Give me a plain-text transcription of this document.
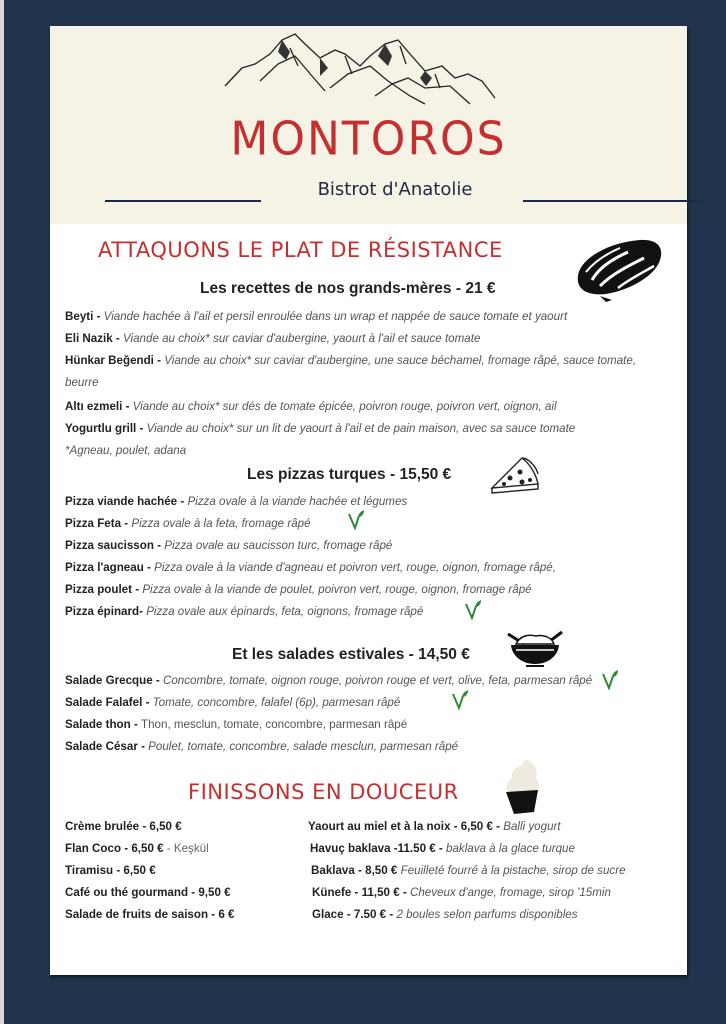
MONTOROS
Bistrot d'Anatolie
ATTAQUONS LE PLAT DE RÉSISTANCE
Les recettes de nos grands-mères - 21 €
Beyti - Viande hachée à l'ail et persil enroulée dans un wrap et nappée de sauce tomate et yaourt
Eli Nazik - Viande au choix* sur caviar d'aubergine, yaourt à l'ail et sauce tomate
Hünkar Beğendi - Viande au choix* sur caviar d'aubergine, une sauce béchamel, fromage râpé, sauce tomate, beurre
Altı ezmeli - Viande au choix* sur dés de tomate épicée, poivron rouge, poivron vert, oignon, ail
Yogurtlu grill - Viande au choix* sur un lit de yaourt à l'ail et de pain maison, avec sa sauce tomate
*Agneau, poulet, adana
Les pizzas turques - 15,50 €
Pizza viande hachée - Pizza ovale à la viande hachée et légumes
Pizza Feta - Pizza ovale à la feta, fromage râpé
Pizza saucisson - Pizza ovale au saucisson turc, fromage râpé
Pizza l'agneau - Pizza ovale à la viande d'agneau et poivron vert, rouge, oignon, fromage râpé,
Pizza poulet - Pizza ovale à la viande de poulet, poivron vert, rouge, oignon, fromage râpé
Pizza épinard- Pizza ovale aux épinards, feta, oignons, fromage râpé
Et les salades estivales - 14,50 €
Salade Grecque - Concombre, tomate, oignon rouge, poivron rouge et vert, olive, feta, parmesan râpé
Salade Falafel - Tomate, concombre, falafel (6p), parmesan râpé
Salade thon - Thon, mesclun, tomate, concombre, parmesan râpé
Salade César - Poulet, tomate, concombre, salade mesclun, parmesan râpé
FINISSONS EN DOUCEUR
Crème brulée - 6,50 €
Flan Coco - 6,50 € - Keşkül
Tiramisu - 6,50 €
Café ou thé gourmand - 9,50 €
Salade de fruits de saison - 6 €
Yaourt au miel et à la noix - 6,50 € - Balli yogurt
Havuç baklava -11.50 € - baklava à la glace turque
Baklava - 8,50 € Feuilleté fourré à la pistache, sirop de sucre
Künefe - 11,50 € - Cheveux d'ange, fromage, sirop '15min
Glace - 7.50 € - 2 boules selon parfums disponibles
